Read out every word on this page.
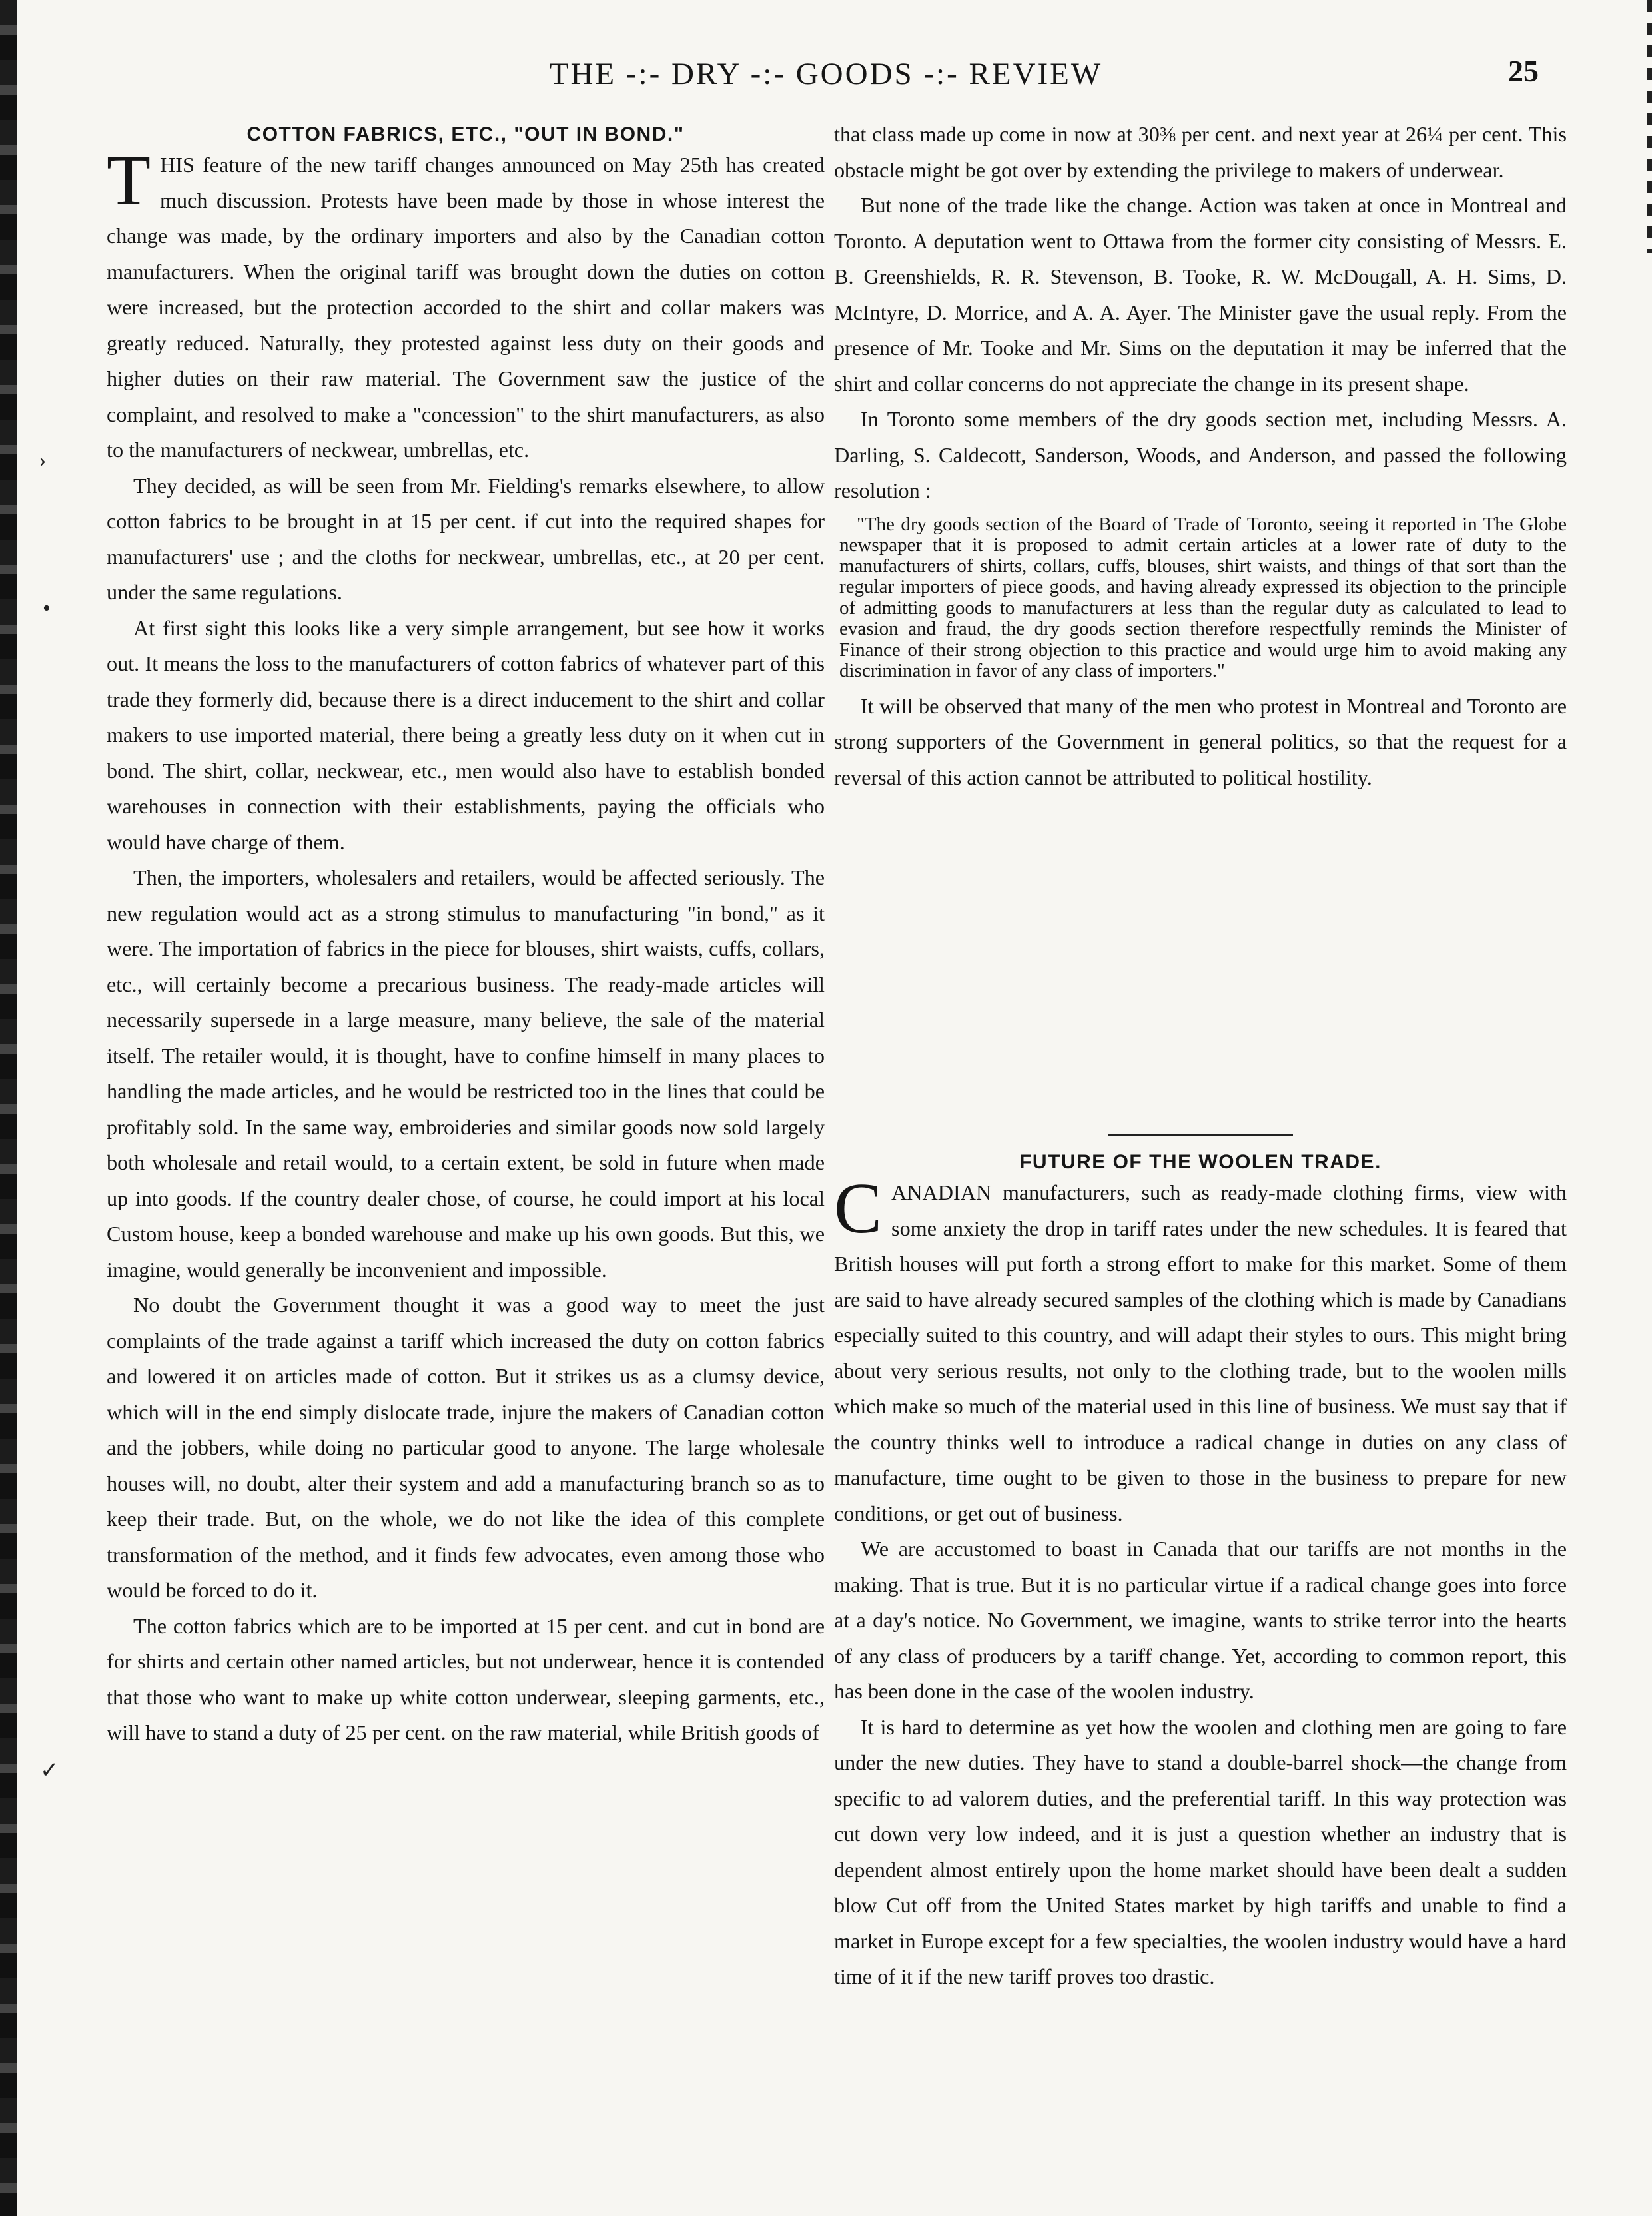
THE -:- DRY -:- GOODS -:- REVIEW	25
›
•
✓
COTTON FABRICS, ETC., "OUT IN BOND."

THIS feature of the new tariff changes announced on May 25th has created much discussion. Protests have been made by those in whose interest the change was made, by the ordinary importers and also by the Canadian cotton manufacturers. When the original tariff was brought down the duties on cotton were increased, but the protection accorded to the shirt and collar makers was greatly reduced. Naturally, they protested against less duty on their goods and higher duties on their raw material. The Government saw the justice of the complaint, and resolved to make a "concession" to the shirt manufacturers, as also to the manufacturers of neckwear, umbrellas, etc.

They decided, as will be seen from Mr. Fielding's remarks elsewhere, to allow cotton fabrics to be brought in at 15 per cent. if cut into the required shapes for manufacturers' use ; and the cloths for neckwear, umbrellas, etc., at 20 per cent. under the same regulations.

At first sight this looks like a very simple arrangement, but see how it works out. It means the loss to the manufacturers of cotton fabrics of whatever part of this trade they formerly did, because there is a direct inducement to the shirt and collar makers to use imported material, there being a greatly less duty on it when cut in bond. The shirt, collar, neckwear, etc., men would also have to establish bonded warehouses in connection with their establishments, paying the officials who would have charge of them.

Then, the importers, wholesalers and retailers, would be affected seriously. The new regulation would act as a strong stimulus to manufacturing "in bond," as it were. The importation of fabrics in the piece for blouses, shirt waists, cuffs, collars, etc., will certainly become a precarious business. The ready-made articles will necessarily supersede in a large measure, many believe, the sale of the material itself. The retailer would, it is thought, have to confine himself in many places to handling the made articles, and he would be restricted too in the lines that could be profitably sold. In the same way, embroideries and similar goods now sold largely both wholesale and retail would, to a certain extent, be sold in future when made up into goods. If the country dealer chose, of course, he could import at his local Custom house, keep a bonded warehouse and make up his own goods. But this, we imagine, would generally be inconvenient and impossible.

No doubt the Government thought it was a good way to meet the just complaints of the trade against a tariff which increased the duty on cotton fabrics and lowered it on articles made of cotton. But it strikes us as a clumsy device, which will in the end simply dislocate trade, injure the makers of Canadian cotton and the jobbers, while doing no particular good to anyone. The large wholesale houses will, no doubt, alter their system and add a manufacturing branch so as to keep their trade. But, on the whole, we do not like the idea of this complete transformation of the method, and it finds few advocates, even among those who would be forced to do it.

The cotton fabrics which are to be imported at 15 per cent. and cut in bond are for shirts and certain other named articles, but not underwear, hence it is contended that those who want to make up white cotton underwear, sleeping garments, etc., will have to stand a duty of 25 per cent. on the raw material, while British goods of

that class made up come in now at 30⅜ per cent. and next year at 26¼ per cent. This obstacle might be got over by extending the privilege to makers of underwear.

But none of the trade like the change. Action was taken at once in Montreal and Toronto. A deputation went to Ottawa from the former city consisting of Messrs. E. B. Greenshields, R. R. Stevenson, B. Tooke, R. W. McDougall, A. H. Sims, D. McIntyre, D. Morrice, and A. A. Ayer. The Minister gave the usual reply. From the presence of Mr. Tooke and Mr. Sims on the deputation it may be inferred that the shirt and collar concerns do not appreciate the change in its present shape.

In Toronto some members of the dry goods section met, including Messrs. A. Darling, S. Caldecott, Sanderson, Woods, and Anderson, and passed the following resolution :

"The dry goods section of the Board of Trade of Toronto, seeing it reported in The Globe newspaper that it is proposed to admit certain articles at a lower rate of duty to the manufacturers of shirts, collars, cuffs, blouses, shirt waists, and things of that sort than the regular importers of piece goods, and having already expressed its objection to the principle of admitting goods to manufacturers at less than the regular duty as calculated to lead to evasion and fraud, the dry goods section therefore respectfully reminds the Minister of Finance of their strong objection to this practice and would urge him to avoid making any discrimination in favor of any class of importers."

It will be observed that many of the men who protest in Montreal and Toronto are strong supporters of the Government in general politics, so that the request for a reversal of this action cannot be attributed to political hostility.

FUTURE OF THE WOOLEN TRADE.

CANADIAN manufacturers, such as ready-made clothing firms, view with some anxiety the drop in tariff rates under the new schedules. It is feared that British houses will put forth a strong effort to make for this market. Some of them are said to have already secured samples of the clothing which is made by Canadians especially suited to this country, and will adapt their styles to ours. This might bring about very serious results, not only to the clothing trade, but to the woolen mills which make so much of the material used in this line of business. We must say that if the country thinks well to introduce a radical change in duties on any class of manufacture, time ought to be given to those in the business to prepare for new conditions, or get out of business.

We are accustomed to boast in Canada that our tariffs are not months in the making. That is true. But it is no particular virtue if a radical change goes into force at a day's notice. No Government, we imagine, wants to strike terror into the hearts of any class of producers by a tariff change. Yet, according to common report, this has been done in the case of the woolen industry.

It is hard to determine as yet how the woolen and clothing men are going to fare under the new duties. They have to stand a double-barrel shock—the change from specific to ad valorem duties, and the preferential tariff. In this way protection was cut down very low indeed, and it is just a question whether an industry that is dependent almost entirely upon the home market should have been dealt a sudden blow Cut off from the United States market by high tariffs and unable to find a market in Europe except for a few specialties, the woolen industry would have a hard time of it if the new tariff proves too drastic.
